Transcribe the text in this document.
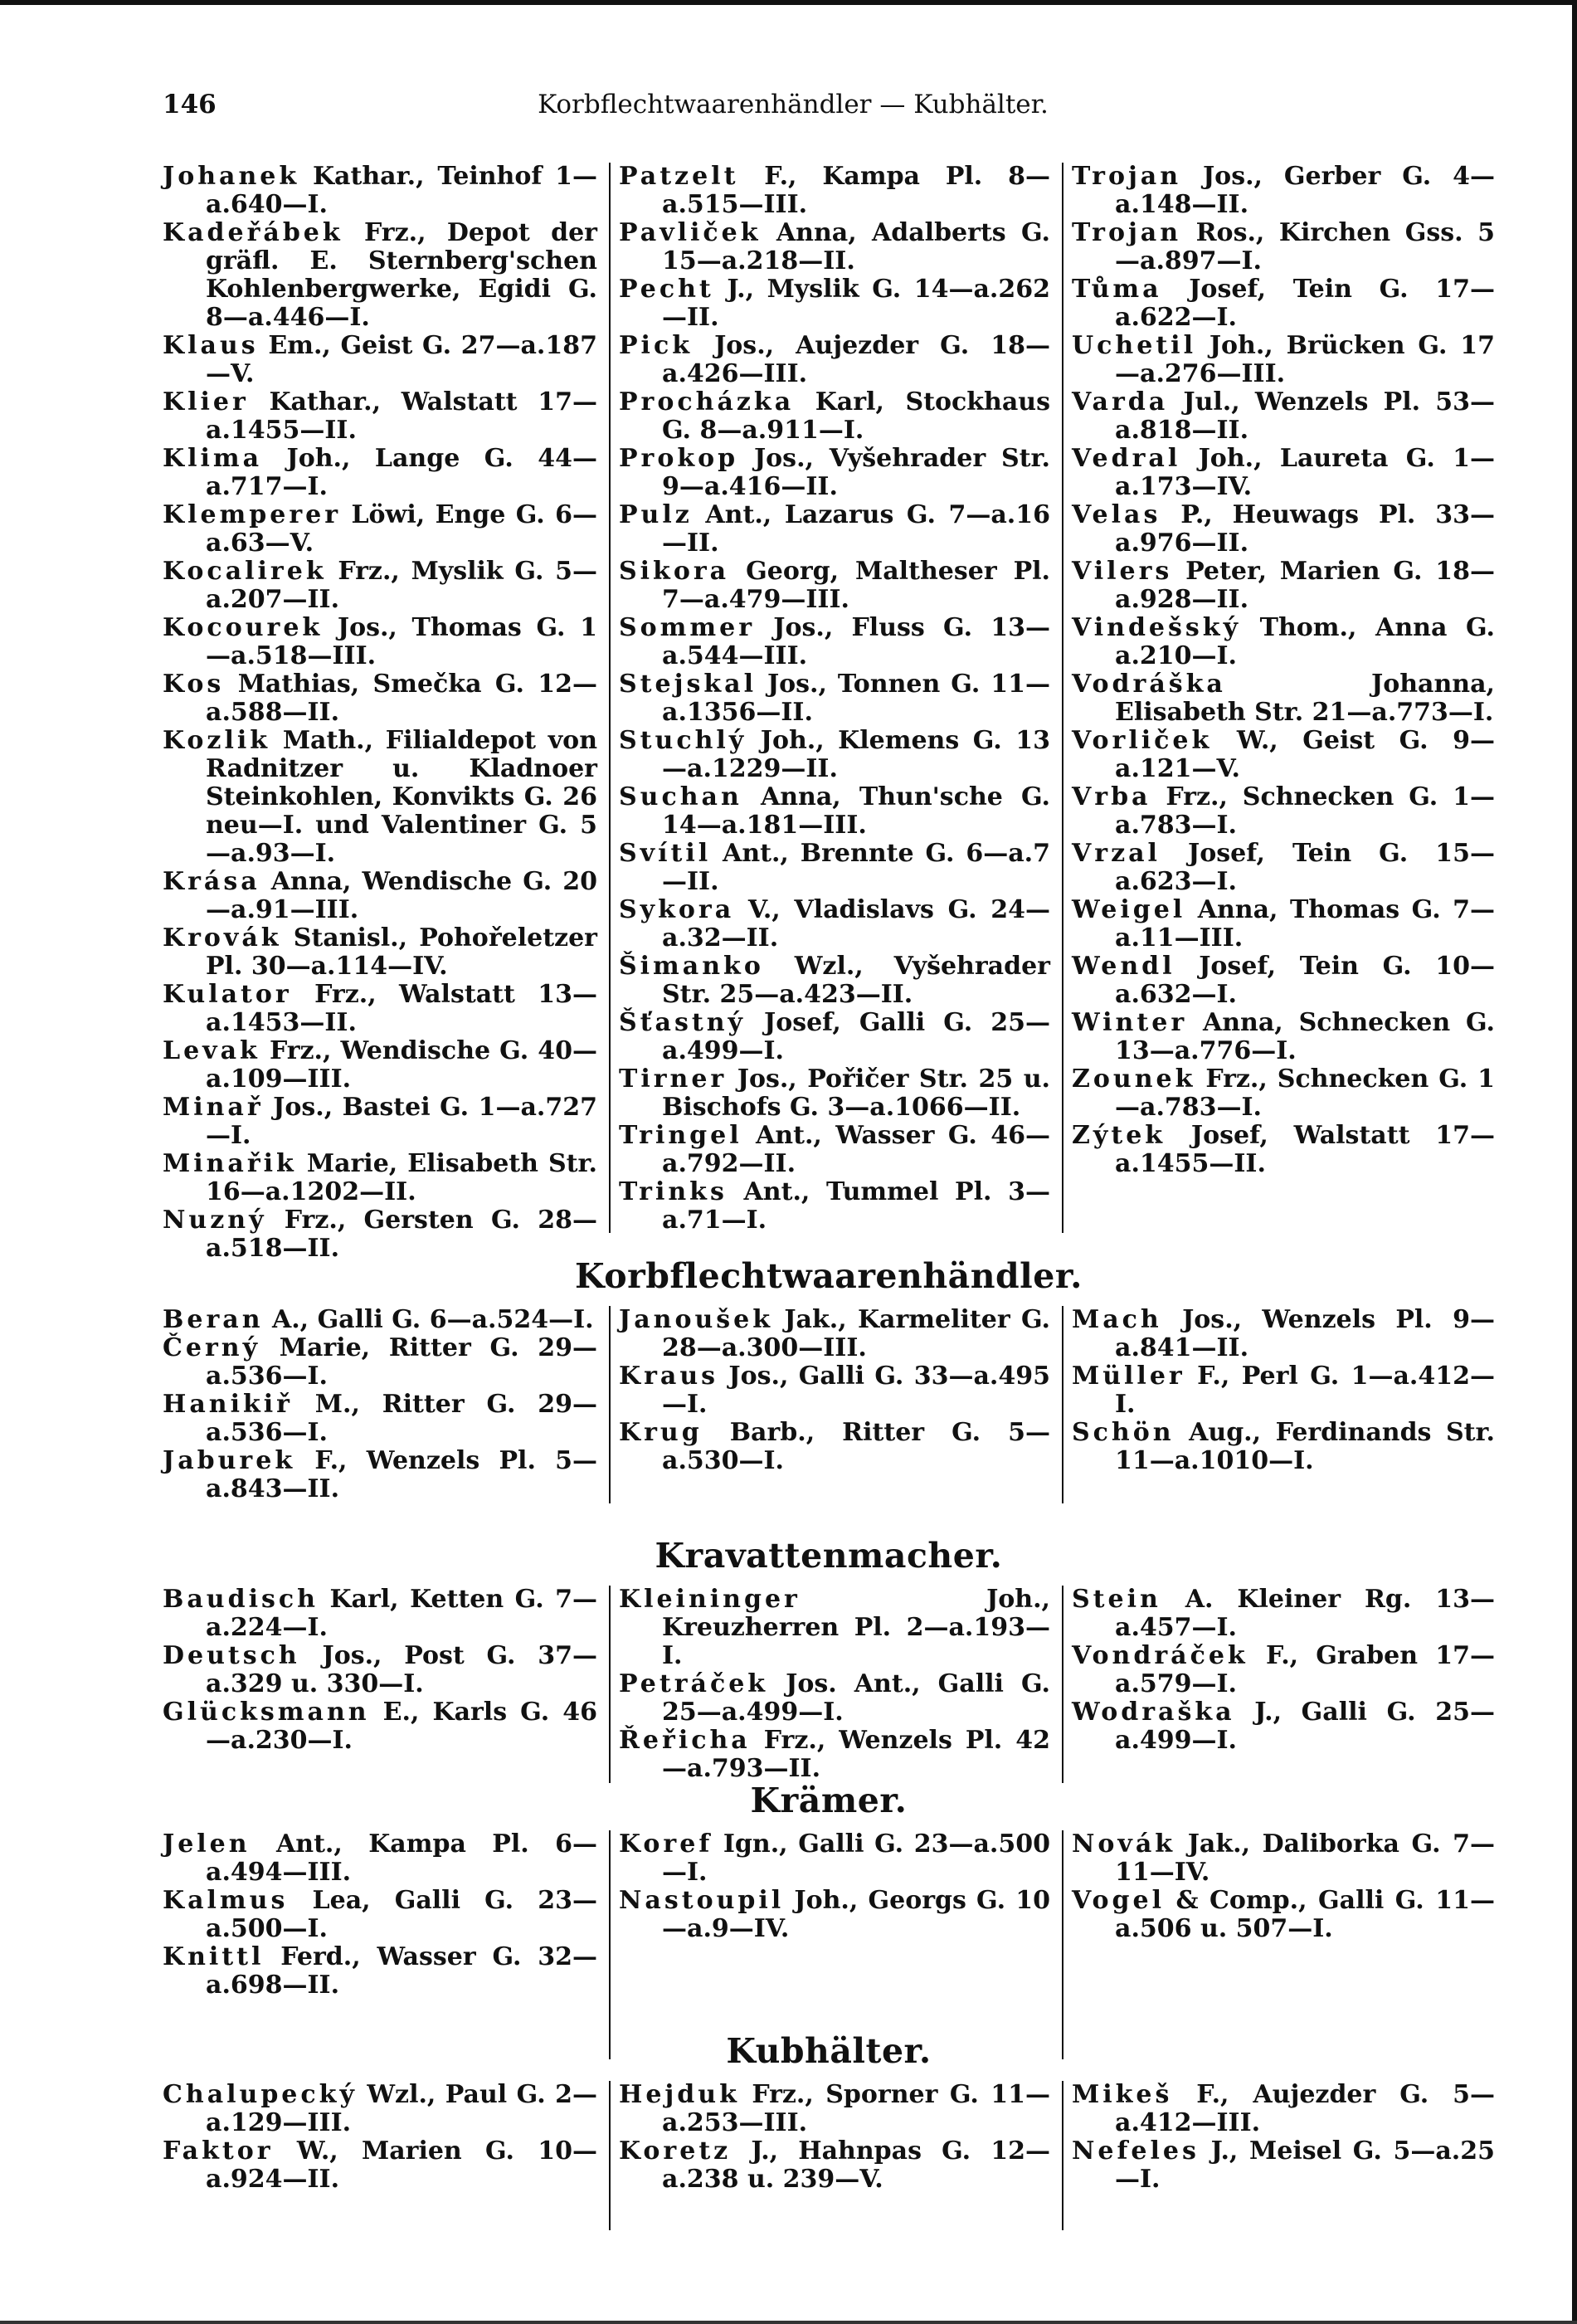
146	Korbflechtwaarenhändler — Kubhälter.
Johanek Kathar., Teinhof 1—a.640—I.
Kadeřábek Frz., Depot der gräfl. E. Sternberg'schen Kohlenbergwerke, Egidi G. 8—a.446—I.
Klaus Em., Geist G. 27—a.187—V.
Klier Kathar., Walstatt 17—a.1455—II.
Klima Joh., Lange G. 44—a.717—I.
Klemperer Löwi, Enge G. 6—a.63—V.
Kocalirek Frz., Myslik G. 5—a.207—II.
Kocourek Jos., Thomas G. 1—a.518—III.
Kos Mathias, Smečka G. 12—a.588—II.
Kozlik Math., Filialdepot von Radnitzer u. Kladnoer Steinkohlen, Konvikts G. 26 neu—I. und Valentiner G. 5—a.93—I.
Krása Anna, Wendische G. 20—a.91—III.
Krovák Stanisl., Pohořeletzer Pl. 30—a.114—IV.
Kulator Frz., Walstatt 13—a.1453—II.
Levak Frz., Wendische G. 40—a.109—III.
Minař Jos., Bastei G. 1—a.727—I.
Minařik Marie, Elisabeth Str. 16—a.1202—II.
Nuzný Frz., Gersten G. 28—a.518—II.
Patzelt F., Kampa Pl. 8—a.515—III.
Pavliček Anna, Adalberts G. 15—a.218—II.
Pecht J., Myslik G. 14—a.262—II.
Pick Jos., Aujezder G. 18—a.426—III.
Procházka Karl, Stockhaus G. 8—a.911—I.
Prokop Jos., Vyšehrader Str. 9—a.416—II.
Pulz Ant., Lazarus G. 7—a.16—II.
Sikora Georg, Maltheser Pl. 7—a.479—III.
Sommer Jos., Fluss G. 13—a.544—III.
Stejskal Jos., Tonnen G. 11—a.1356—II.
Stuchlý Joh., Klemens G. 13—a.1229—II.
Suchan Anna, Thun'sche G. 14—a.181—III.
Svítil Ant., Brennte G. 6—a.7—II.
Sykora V., Vladislavs G. 24—a.32—II.
Šimanko Wzl., Vyšehrader Str. 25—a.423—II.
Šťastný Josef, Galli G. 25—a.499—I.
Tirner Jos., Pořičer Str. 25 u. Bischofs G. 3—a.1066—II.
Tringel Ant., Wasser G. 46—a.792—II.
Trinks Ant., Tummel Pl. 3—a.71—I.
Trojan Jos., Gerber G. 4—a.148—II.
Trojan Ros., Kirchen Gss. 5—a.897—I.
Tůma Josef, Tein G. 17—a.622—I.
Uchetil Joh., Brücken G. 17—a.276—III.
Varda Jul., Wenzels Pl. 53—a.818—II.
Vedral Joh., Laureta G. 1—a.173—IV.
Velas P., Heuwags Pl. 33—a.976—II.
Vilers Peter, Marien G. 18—a.928—II.
Vindešský Thom., Anna G. a.210—I.
Vodráška	Johanna, Elisabeth Str. 21—a.773—I.
Vorliček W., Geist G. 9—a.121—V.
Vrba Frz., Schnecken G. 1—a.783—I.
Vrzal Josef, Tein G. 15—a.623—I.
Weigel Anna, Thomas G. 7—a.11—III.
Wendl Josef, Tein G. 10—a.632—I.
Winter Anna, Schnecken G. 13—a.776—I.
Zounek Frz., Schnecken G. 1—a.783—I.
Zýtek Josef, Walstatt 17—a.1455—II.
Korbflechtwaarenhändler.
Beran A., Galli G. 6—a.524—I.
Černý Marie, Ritter G. 29—a.536—I.
Hanikiř M., Ritter G. 29—a.536—I.
Jaburek F., Wenzels Pl. 5—a.843—II.
Janoušek Jak., Karmeliter G. 28—a.300—III.
Kraus Jos., Galli G. 33—a.495—I.
Krug Barb., Ritter G. 5—a.530—I.
Mach Jos., Wenzels Pl. 9—a.841—II.
Müller F., Perl G. 1—a.412—I.
Schön Aug., Ferdinands Str. 11—a.1010—I.
Kravattenmacher.
Baudisch Karl, Ketten G. 7—a.224—I.
Deutsch Jos., Post G. 37—a.329 u. 330—I.
Glücksmann E., Karls G. 46—a.230—I.
Kleininger	Joh., Kreuzherren Pl. 2—a.193—I.
Petráček Jos. Ant., Galli G. 25—a.499—I.
Řeřicha Frz., Wenzels Pl. 42—a.793—II.
Stein A. Kleiner Rg. 13—a.457—I.
Vondráček F., Graben 17—a.579—I.
Wodraška J., Galli G. 25—a.499—I.
Krämer.
Jelen Ant., Kampa Pl. 6—a.494—III.
Kalmus Lea, Galli G. 23—a.500—I.
Knittl Ferd., Wasser G. 32—a.698—II.
Koref Ign., Galli G. 23—a.500—I.
Nastoupil Joh., Georgs G. 10—a.9—IV.
Novák Jak., Daliborka G. 7—11—IV.
Vogel & Comp., Galli G. 11—a.506 u. 507—I.
Kubhälter.
Chalupecký Wzl., Paul G. 2—a.129—III.
Faktor W., Marien G. 10—a.924—II.
Hejduk Frz., Sporner G. 11—a.253—III.
Koretz J., Hahnpas G. 12—a.238 u. 239—V.
Mikeš F., Aujezder G. 5—a.412—III.
Nefeles J., Meisel G. 5—a.25—I.
